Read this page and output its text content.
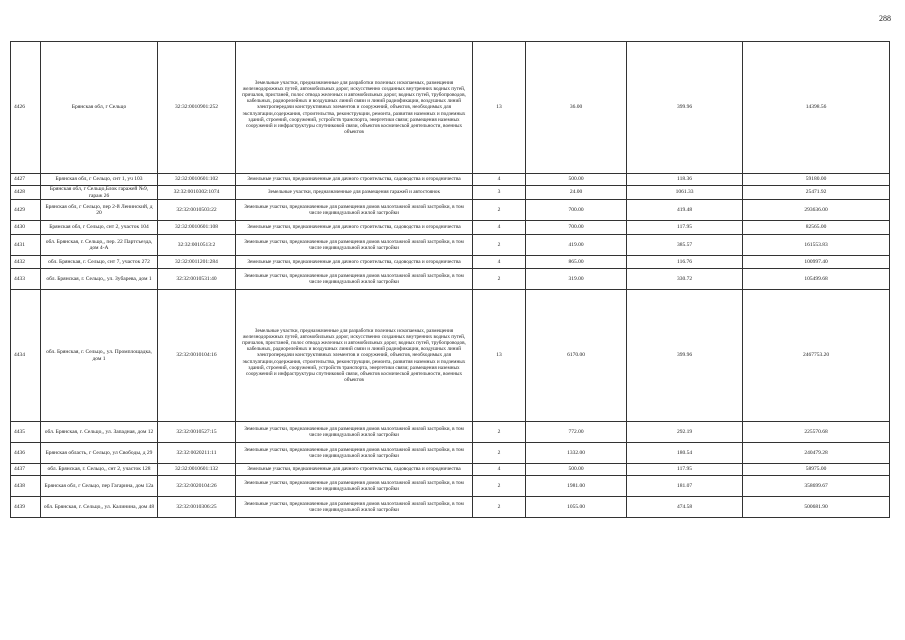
288
4426	Брянская обл, г Сельцо	32:32:0010901:252	Земельные участки, предназначенные для разработки полезных ископаемых, размещения железнодорожных путей, автомобильных дорог, искусственно созданных внутренних водных путей, причалов, пристаней, полос отвода железных и автомобильных дорог, водных путей, трубопроводов, кабельных, радиорелейных и воздушных линий связи и линий радиофикации, воздушных линий электропередачи конструктивных элементов и сооружений, объектов, необходимых для эксплуатации,содержания, строительства, реконструкции, ремонта, развития наземных и подземных зданий, строений, сооружений, устройств транспорта, энергетики связи; размещения наземных сооружений и инфраструктуры спутниковой связи, объектов космической деятельности, военных объектов	13	36.00	399.96	14398.56
4427	Брянская обл, г Сельцо, снт 1, уч 103	32:32:0010601:102	Земельные участки, предназначенные для дачного строительства, садоводства и огородничества	4	500.00	118.36	59180.00
4428	Брянская обл, г Сельцо,Блок гаражей №9, гараж 26	32:32:0010302:1074	Земельные участки, предназначенные для размещения гаражей и автостоянок	3	24.00	1061.33	25471.92
4429	Брянская обл, г Сельцо, пер 2-й Ленинский, д 20	32:32:0010503:22	Земельные участки, предназначенные для размещения домов малоэтажной жилой застройки, в том числе индивидуальной жилой застройки	2	700.00	419.48	293636.00
4430	Брянская обл, г Сельцо, снт 2, участок 104	32:32:0010601:108	Земельные участки, предназначенные для дачного строительства, садоводства и огородничества	4	700.00	117.95	82565.00
4431	обл. Брянская, г. Сельцо,, пер. 22 Партсъезда, дом 4-А	32:32:0010513:2	Земельные участки, предназначенные для размещения домов малоэтажной жилой застройки, в том числе индивидуальной жилой застройки	2	419.00	385.57	161553.83
4432	обл. Брянская, г. Сельцо, снт 7, участок 272	32:32:0011201:284	Земельные участки, предназначенные для дачного строительства, садоводства и огородничества	4	865.00	116.76	100997.40
4433	обл. Брянская, г. Сельцо,, ул. Зубарева, дом 1	32:32:0010531:40	Земельные участки, предназначенные для размещения домов малоэтажной жилой застройки, в том числе индивидуальной жилой застройки	2	319.00	330.72	105499.68
4434	обл. Брянская, г. Сельцо,, ул. Промплощадка, дом 1	32:32:0010104:16	Земельные участки, предназначенные для разработки полезных ископаемых, размещения железнодорожных путей, автомобильных дорог, искусственно созданных внутренних водных путей, причалов, пристаней, полос отвода железных и автомобильных дорог, водных путей, трубопроводов, кабельных, радиорелейных и воздушных линий связи и линий радиофикации, воздушных линий электропередачи конструктивных элементов и сооружений, объектов, необходимых для эксплуатации,содержания, строительства, реконструкции, ремонта, развития наземных и подземных зданий, строений, сооружений, устройств транспорта, энергетики связи; размещения наземных сооружений и инфраструктуры спутниковой связи, объектов космической деятельности, военных объектов	13	6170.00	399.96	2467753.20
4435	обл. Брянская, г. Сельцо,, ул. Западная, дом 12	32:32:0010527:15	Земельные участки, предназначенные для размещения домов малоэтажной жилой застройки, в том числе индивидуальной жилой застройки	2	772.00	292.19	225570.68
4436	Брянская область, г Сельцо, ул Свободы, д 29	32:32:0020211:11	Земельные участки, предназначенные для размещения домов малоэтажной жилой застройки, в том числе индивидуальной жилой застройки	2	1332.00	180.54	240479.28
4437	обл. Брянская, г. Сельцо,, снт 2, участок 128	32:32:0010601:132	Земельные участки, предназначенные для дачного строительства, садоводства и огородничества	4	500.00	117.95	58975.00
4438	Брянская обл, г Сельцо, пер Гагарина, дом 12а	32:32:0020104:26	Земельные участки, предназначенные для размещения домов малоэтажной жилой застройки, в том числе индивидуальной жилой застройки	2	1981.00	181.07	358699.67
4439	обл. Брянская, г. Сельцо,, ул. Калинина, дом 48	32:32:0010306:25	Земельные участки, предназначенные для размещения домов малоэтажной жилой застройки, в том числе индивидуальной жилой застройки	2	1055.00	474.58	500681.90
